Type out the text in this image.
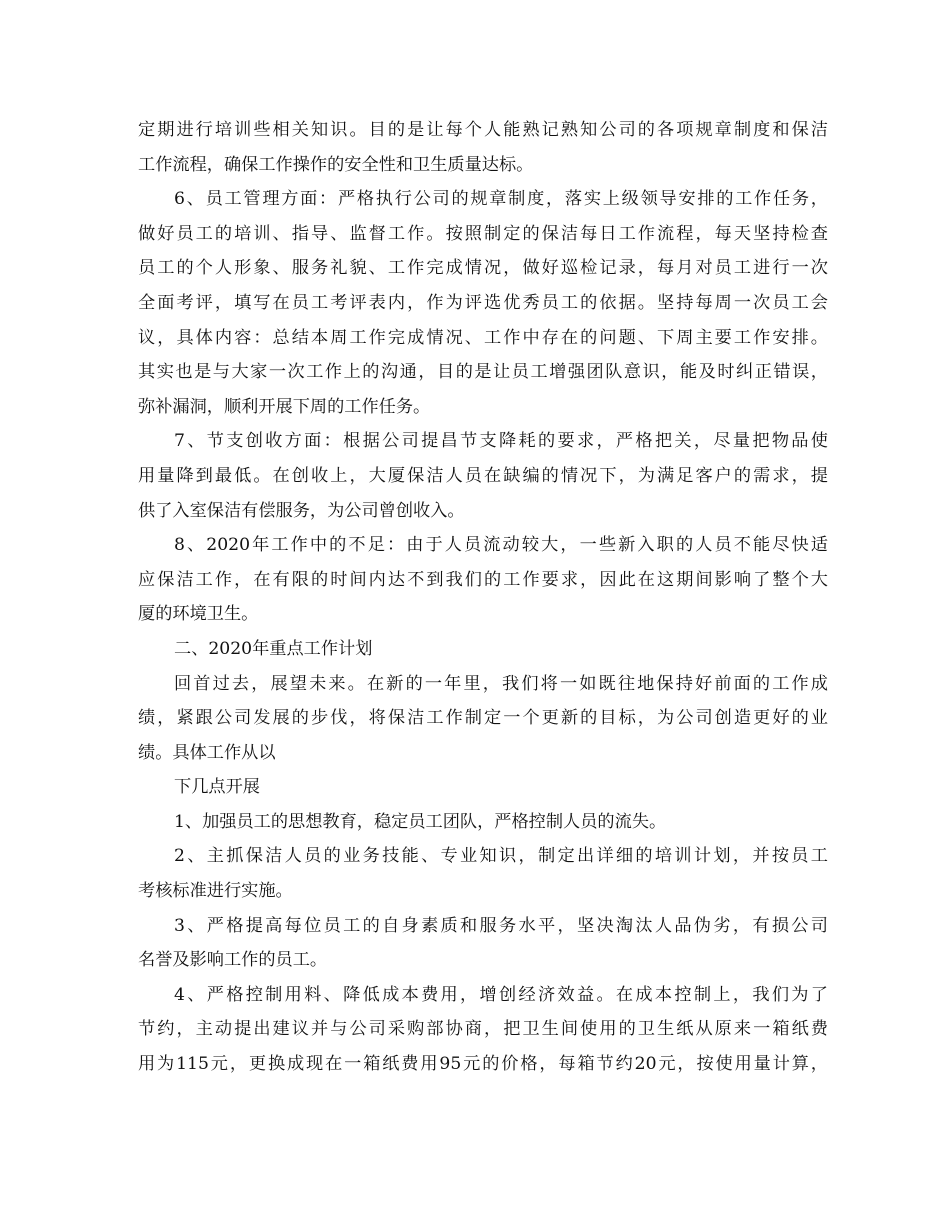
定期进行培训些相关知识。目的是让每个人能熟记熟知公司的各项规章制度和保洁
工作流程，确保工作操作的安全性和卫生质量达标。
6、员工管理方面：严格执行公司的规章制度，落实上级领导安排的工作任务，
做好员工的培训、指导、监督工作。按照制定的保洁每日工作流程，每天坚持检查
员工的个人形象、服务礼貌、工作完成情况，做好巡检记录，每月对员工进行一次
全面考评，填写在员工考评表内，作为评选优秀员工的依据。坚持每周一次员工会
议，具体内容：总结本周工作完成情况、工作中存在的问题、下周主要工作安排。
其实也是与大家一次工作上的沟通，目的是让员工增强团队意识，能及时纠正错误，
弥补漏洞，顺利开展下周的工作任务。
7、节支创收方面：根据公司提昌节支降耗的要求，严格把关，尽量把物品使
用量降到最低。在创收上，大厦保洁人员在缺编的情况下，为满足客户的需求，提
供了入室保洁有偿服务，为公司曾创收入。
8、2020年工作中的不足：由于人员流动较大，一些新入职的人员不能尽快适
应保洁工作，在有限的时间内达不到我们的工作要求，因此在这期间影响了整个大
厦的环境卫生。
二、2020年重点工作计划
回首过去，展望未来。在新的一年里，我们将一如既往地保持好前面的工作成
绩，紧跟公司发展的步伐，将保洁工作制定一个更新的目标，为公司创造更好的业
绩。具体工作从以
下几点开展
1、加强员工的思想教育，稳定员工团队，严格控制人员的流失。
2、主抓保洁人员的业务技能、专业知识，制定出详细的培训计划，并按员工
考核标准进行实施。
3、严格提高每位员工的自身素质和服务水平，坚决淘汰人品伪劣，有损公司
名誉及影响工作的员工。
4、严格控制用料、降低成本费用，增创经济效益。在成本控制上，我们为了
节约，主动提出建议并与公司采购部协商，把卫生间使用的卫生纸从原来一箱纸费
用为115元，更换成现在一箱纸费用95元的价格，每箱节约20元，按使用量计算，
